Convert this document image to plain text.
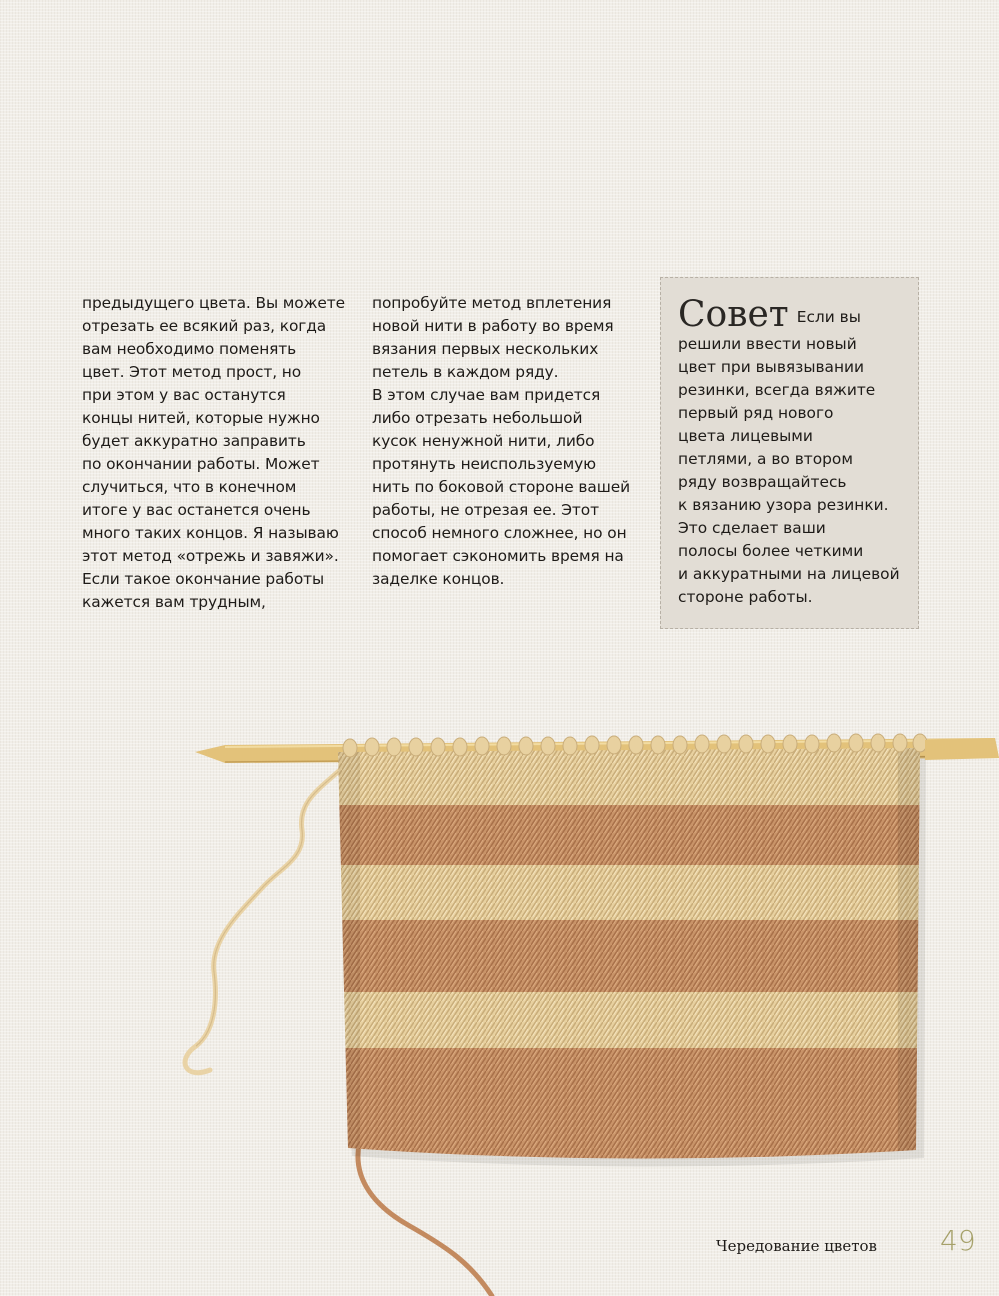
предыдущего цвета. Вы можете

отрезать ее всякий раз, когда

вам необходимо поменять

цвет. Этот метод прост, но

при этом у вас останутся

концы нитей, которые нужно

будет аккуратно заправить

по окончании работы. Может

случиться, что в конечном

итоге у вас останется очень

много таких концов. Я называю

этот метод «отрежь и завяжи».

Если такое окончание работы

кажется вам трудным,

попробуйте метод вплетения

новой нити в работу во время

вязания первых нескольких

петель в каждом ряду.

В этом случае вам придется

либо отрезать небольшой

кусок ненужной нити, либо

протянуть неиспользуемую

нить по боковой стороне вашей

работы, не отрезая ее. Этот

способ немного сложнее, но он

помогает сэкономить время на

заделке концов.

Совет Если вы
решили ввести новый
цвет при вывязывании
резинки, всегда вяжите
первый ряд нового
цвета лицевыми
петлями, а во втором
ряду возвращайтесь
к вязанию узора резинки.
Это сделает ваши
полосы более четкими
и аккуратными на лицевой
стороне работы.
Чередование цветов 49
